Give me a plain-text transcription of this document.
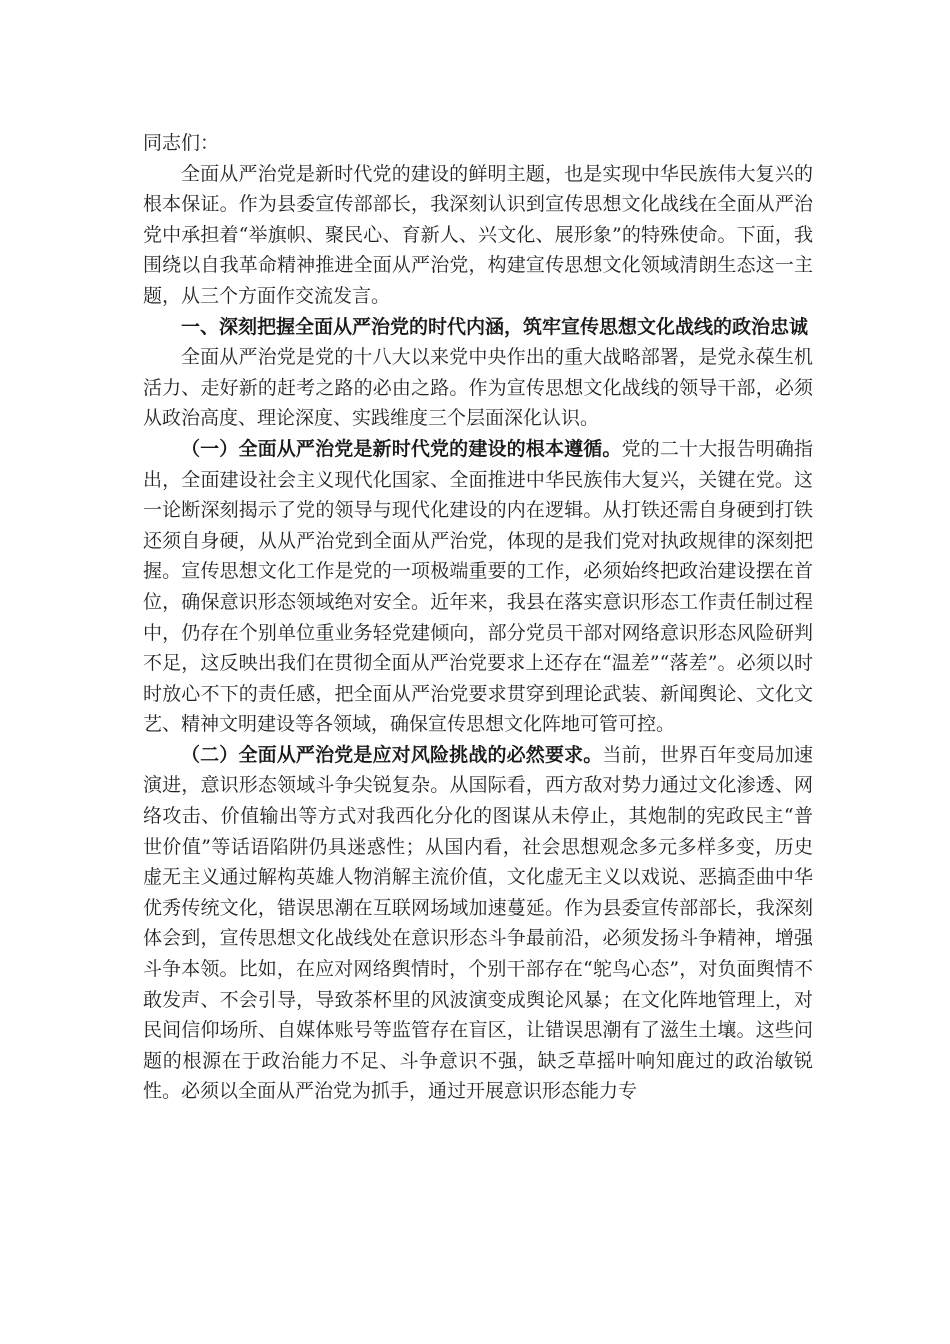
同志们：

全面从严治党是新时代党的建设的鲜明主题，也是实现中华民族伟大复兴的根本保证。作为县委宣传部部长，我深刻认识到宣传思想文化战线在全面从严治党中承担着“举旗帜、聚民心、育新人、兴文化、展形象”的特殊使命。下面，我围绕以自我革命精神推进全面从严治党，构建宣传思想文化领域清朗生态这一主题，从三个方面作交流发言。

一、深刻把握全面从严治党的时代内涵，筑牢宣传思想文化战线的政治忠诚

全面从严治党是党的十八大以来党中央作出的重大战略部署，是党永葆生机活力、走好新的赶考之路的必由之路。作为宣传思想文化战线的领导干部，必须从政治高度、理论深度、实践维度三个层面深化认识。

（一）全面从严治党是新时代党的建设的根本遵循。党的二十大报告明确指出，全面建设社会主义现代化国家、全面推进中华民族伟大复兴，关键在党。这一论断深刻揭示了党的领导与现代化建设的内在逻辑。从打铁还需自身硬到打铁还须自身硬，从从严治党到全面从严治党，体现的是我们党对执政规律的深刻把握。宣传思想文化工作是党的一项极端重要的工作，必须始终把政治建设摆在首位，确保意识形态领域绝对安全。近年来，我县在落实意识形态工作责任制过程中，仍存在个别单位重业务轻党建倾向，部分党员干部对网络意识形态风险研判不足，这反映出我们在贯彻全面从严治党要求上还存在“温差”“落差”。必须以时时放心不下的责任感，把全面从严治党要求贯穿到理论武装、新闻舆论、文化文艺、精神文明建设等各领域，确保宣传思想文化阵地可管可控。

（二）全面从严治党是应对风险挑战的必然要求。当前，世界百年变局加速演进，意识形态领域斗争尖锐复杂。从国际看，西方敌对势力通过文化渗透、网络攻击、价值输出等方式对我西化分化的图谋从未停止，其炮制的宪政民主“普世价值”等话语陷阱仍具迷惑性；从国内看，社会思想观念多元多样多变，历史虚无主义通过解构英雄人物消解主流价值，文化虚无主义以戏说、恶搞歪曲中华优秀传统文化，错误思潮在互联网场域加速蔓延。作为县委宣传部部长，我深刻体会到，宣传思想文化战线处在意识形态斗争最前沿，必须发扬斗争精神，增强斗争本领。比如，在应对网络舆情时，个别干部存在“鸵鸟心态”，对负面舆情不敢发声、不会引导，导致茶杯里的风波演变成舆论风暴；在文化阵地管理上，对民间信仰场所、自媒体账号等监管存在盲区，让错误思潮有了滋生土壤。这些问题的根源在于政治能力不足、斗争意识不强，缺乏草摇叶响知鹿过的政治敏锐性。必须以全面从严治党为抓手，通过开展意识形态能力专
